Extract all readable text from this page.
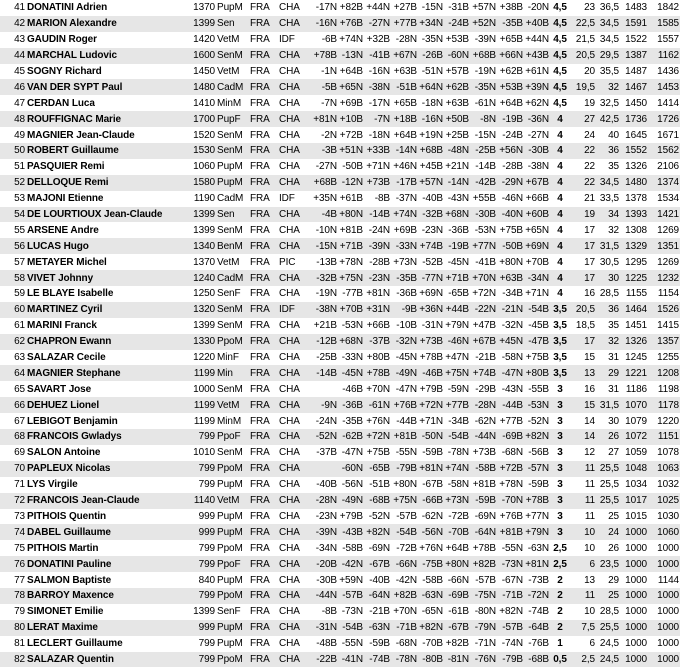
41	DONATINI Adrien	1370	PupM	FRA	CHA	-17N	+82B	+44N	+27B	-15N	-31B	+57N	+38B	-20N	4,5	23	36,5	1483	1842
42	MARION Alexandre	1399	Sen	FRA	CHA	-16N	+76B	-27N	+77B	+34N	-24B	+52N	-35B	+40B	4,5	22,5	34,5	1591	1585
43	GAUDIN Roger	1420	VetM	FRA	IDF	-6B	+74N	+32B	-28N	-35N	+53B	-39N	+65B	+44N	4,5	21,5	34,5	1522	1557
44	MARCHAL Ludovic	1600	SenM	FRA	CHA	+78B	-13N	-41B	+67N	-26B	-60N	+68B	+66N	+43B	4,5	20,5	29,5	1387	1162
45	SOGNY Richard	1450	VetM	FRA	CHA	-1N	+64B	-16N	+63B	-51N	+57B	-19N	+62B	+61N	4,5	20	35,5	1487	1436
46	VAN DER SYPT Paul	1480	CadM	FRA	CHA	-5B	+65N	-38N	-51B	+64N	+62B	-35N	+53B	+39N	4,5	19,5	32	1467	1453
47	CERDAN Luca	1410	MinM	FRA	CHA	-7N	+69B	-17N	+65B	-18N	+63B	-61N	+64B	+62N	4,5	19	32,5	1450	1414
48	ROUFFIGNAC Marie	1700	PupF	FRA	CHA	+81N	+10B	-7N	+18B	-16N	+50B	-8N	-19B	-36N	4	27	42,5	1736	1726
49	MAGNIER Jean-Claude	1520	SenM	FRA	CHA	-2N	+72B	-18N	+64B	+19N	+25B	-15N	-24B	-27N	4	24	40	1645	1671
50	ROBERT Guillaume	1530	SenM	FRA	CHA	-3B	+51N	+33B	-14N	+68B	-48N	-25B	+56N	-30B	4	22	36	1552	1562
51	PASQUIER Remi	1060	PupM	FRA	CHA	-27N	-50B	+71N	+46N	+45B	+21N	-14B	-28B	-38N	4	22	35	1326	2106
52	DELLOQUE Remi	1580	PupM	FRA	CHA	+68B	-12N	+73B	-17B	+57N	-14N	-42B	-29N	+67B	4	22	34,5	1480	1374
53	MAJONI Etienne	1190	CadM	FRA	IDF	+35N	+61B	-8B	-37N	-40B	-43N	+55B	-46N	+66B	4	21	33,5	1378	1534
54	DE LOURTIOUX Jean-Claude	1399	Sen	FRA	CHA	-4B	+80N	-14B	+74N	-32B	+68N	-30B	-40N	+60B	4	19	34	1393	1421
55	ARSENE Andre	1399	SenM	FRA	CHA	-10N	+81B	-24N	+69B	-23N	-36B	-53N	+75B	+65N	4	17	32	1308	1269
56	LUCAS Hugo	1340	BenM	FRA	CHA	-15N	+71B	-39N	-33N	+74B	-19B	+77N	-50B	+69N	4	17	31,5	1329	1351
57	METAYER Michel	1370	VetM	FRA	PIC	-13B	+78N	-28B	+73N	-52B	-45N	-41B	+80N	+70B	4	17	30,5	1295	1269
58	VIVET Johnny	1240	CadM	FRA	CHA	-32B	+75N	-23N	-35B	-77N	+71B	+70N	+63B	-34N	4	17	30	1225	1232
59	LE BLAYE Isabelle	1250	SenF	FRA	CHA	-19N	-77B	+81N	-36B	+69N	-65B	+72N	-34B	+71N	4	16	28,5	1155	1154
60	MARTINEZ Cyril	1320	SenM	FRA	IDF	-38N	+70B	+31N	-9B	+36N	+44B	-22N	-21N	-54B	3,5	20,5	36	1464	1526
61	MARINI Franck	1399	SenM	FRA	CHA	+21B	-53N	+66B	-10B	-31N	+79N	+47B	-32N	-45B	3,5	18,5	35	1451	1415
62	CHAPRON Ewann	1330	PpoM	FRA	CHA	-12B	+68N	-37B	-32N	+73B	-46N	+67B	+45N	-47B	3,5	17	32	1326	1357
63	SALAZAR Cecile	1220	MinF	FRA	CHA	-25B	-33N	+80B	-45N	+78B	+47N	-21B	-58N	+75B	3,5	15	31	1245	1255
64	MAGNIER Stephane	1199	Min	FRA	CHA	-14B	-45N	+78B	-49N	-46B	+75N	+74B	-47N	+80B	3,5	13	29	1221	1208
65	SAVART Jose	1000	SenM	FRA	CHA		-46B	+70N	-47N	+79B	-59N	-29B	-43N	-55B	3	16	31	1186	1198
66	DEHUEZ Lionel	1199	VetM	FRA	CHA	-9N	-36B	-61N	+76B	+72N	+77B	-28N	-44B	-53N	3	15	31,5	1070	1178
67	LEBIGOT Benjamin	1199	MinM	FRA	CHA	-24N	-35B	+76N	-44B	+71N	-34B	-62N	+77B	-52N	3	14	30	1079	1220
68	FRANCOIS Gwladys	799	PpoF	FRA	CHA	-52N	-62B	+72N	+81B	-50N	-54B	-44N	-69B	+82N	3	14	26	1072	1151
69	SALON Antoine	1010	SenM	FRA	CHA	-37B	-47N	+75B	-55N	-59B	-78N	+73B	-68N	-56B	3	12	27	1059	1078
70	PAPLEUX Nicolas	799	PpoM	FRA	CHA		-60N	-65B	-79B	+81N	+74N	-58B	+72B	-57N	3	11	25,5	1048	1063
71	LYS Virgile	799	PupM	FRA	CHA	-40B	-56N	-51B	+80N	-67B	-58N	+81B	+78N	-59B	3	11	25,5	1034	1032
72	FRANCOIS Jean-Claude	1140	VetM	FRA	CHA	-28N	-49N	-68B	+75N	-66B	+73N	-59B	-70N	+78B	3	11	25,5	1017	1025
73	PITHOIS Quentin	999	PupM	FRA	CHA	-23N	+79B	-52N	-57B	-62N	-72B	-69N	+76B	+77N	3	11	25	1015	1030
74	DABEL Guillaume	999	PupM	FRA	CHA	-39N	-43B	+82N	-54B	-56N	-70B	-64N	+81B	+79N	3	10	24	1000	1060
75	PITHOIS Martin	799	PpoM	FRA	CHA	-34N	-58B	-69N	-72B	+76N	+64B	+78B	-55N	-63N	2,5	10	26	1000	1000
76	DONATINI Pauline	799	PpoF	FRA	CHA	-20B	-42N	-67B	-66N	-75B	+80N	+82B	-73N	+81N	2,5	6	23,5	1000	1000
77	SALMON Baptiste	840	PupM	FRA	CHA	-30B	+59N	-40B	-42N	-58B	-66N	-57B	-67N	-73B	2	13	29	1000	1144
78	BARROY Maxence	799	PpoM	FRA	CHA	-44N	-57B	-64N	+82B	-63N	-69B	-75N	-71B	-72N	2	11	25	1000	1000
79	SIMONET Emilie	1399	SenF	FRA	CHA	-8B	-73N	-21B	+70N	-65N	-61B	-80N	+82N	-74B	2	10	28,5	1000	1000
80	LERAT Maxime	999	PupM	FRA	CHA	-31N	-54B	-63N	-71B	+82N	-67B	-79N	-57B	-64B	2	7,5	25,5	1000	1000
81	LECLERT Guillaume	799	PupM	FRA	CHA	-48B	-55N	-59B	-68N	-70B	+82B	-71N	-74N	-76B	1	6	24,5	1000	1000
82	SALAZAR Quentin	799	PpoM	FRA	CHA	-22B	-41N	-74B	-78N	-80B	-81N	-76N	-79B	-68B	0,5	2,5	24,5	1000	1000
